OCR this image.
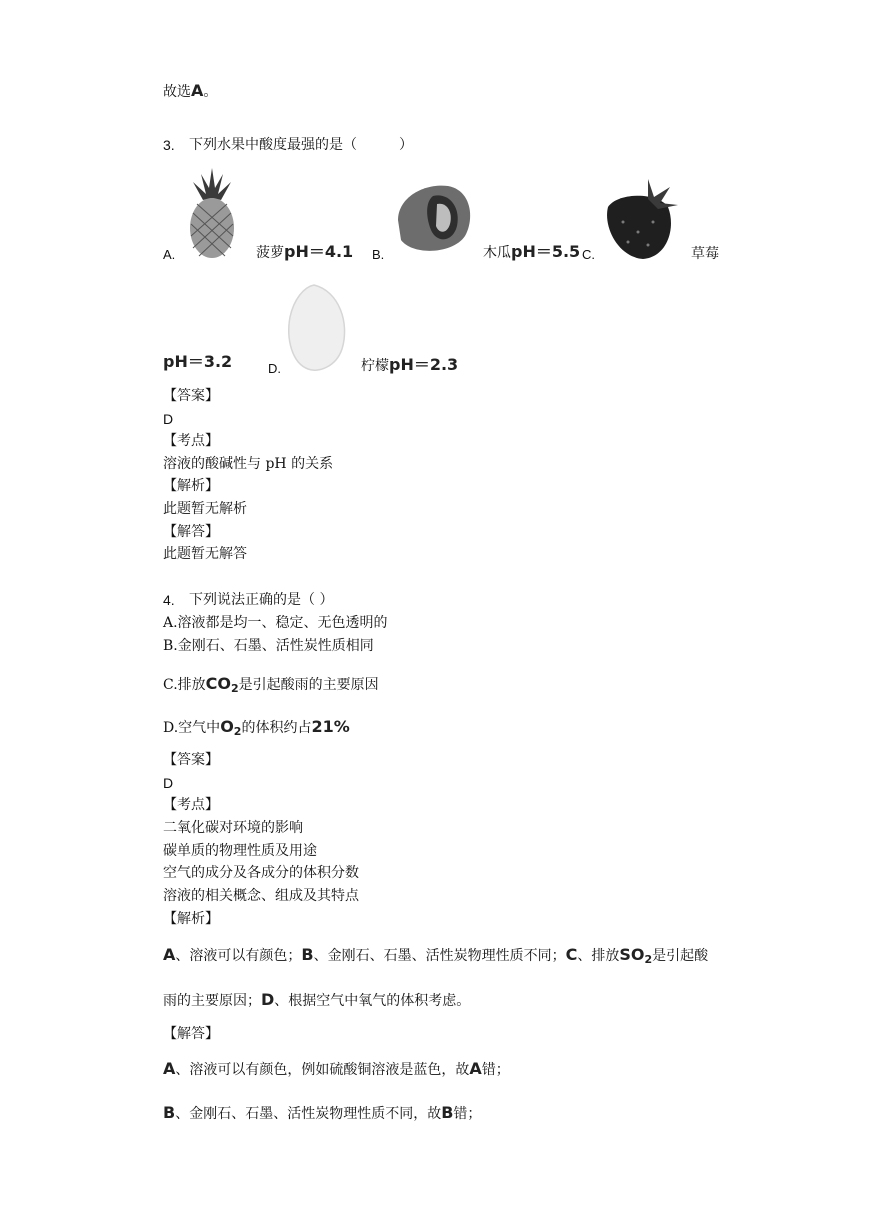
故选A。
3. 下列水果中酸度最强的是（　　　）
A.	菠萝pH＝4.1 B.	木瓜pH＝5.5 C.	草莓
pH＝3.2	D.	柠檬pH＝2.3
【答案】
D
【考点】
溶液的酸碱性与 pH 的关系
【解析】
此题暂无解析
【解答】
此题暂无解答
4. 下列说法正确的是（ ）
A.溶液都是均一、稳定、无色透明的
B.金刚石、石墨、活性炭性质相同
C.排放CO2是引起酸雨的主要原因
D.空气中O2的体积约占21%
【答案】
D
【考点】
二氧化碳对环境的影响
碳单质的物理性质及用途
空气的成分及各成分的体积分数
溶液的相关概念、组成及其特点
【解析】
A、溶液可以有颜色；B、金刚石、石墨、活性炭物理性质不同；C、排放SO2是引起酸
雨的主要原因；D、根据空气中氧气的体积考虑。
【解答】
A、溶液可以有颜色，例如硫酸铜溶液是蓝色，故A错；
B、金刚石、石墨、活性炭物理性质不同，故B错；
